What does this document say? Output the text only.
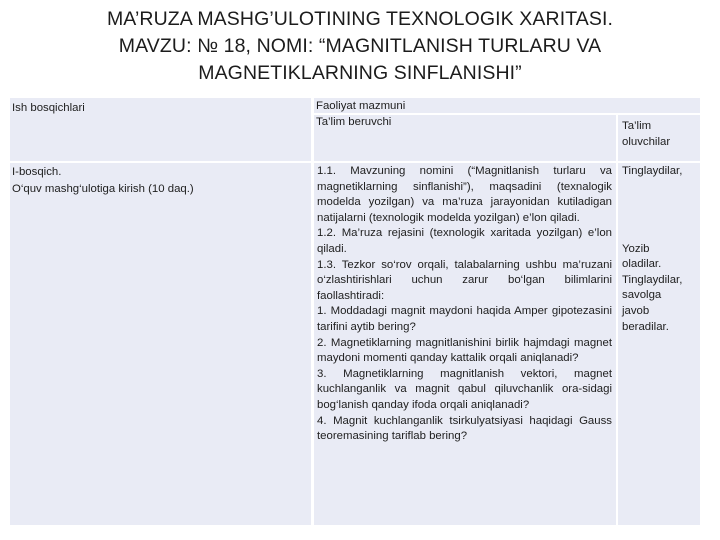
MA’RUZA MASHG’ULOTINING TEXNOLOGIK XARITASI.
MAVZU: № 18, NOMI: “MAGNITLANISH TURLARU VA
MAGNETIKLARNING SINFLANISHI”
Ish bosqichlari	Faoliyat mazmuni
Ta’lim beruvchi	Ta’lim
oluvchilar
I-bosqich.
O‘quv mashg‘ulotiga kirish (10 daq.)

1.1. Mavzuning nomini (“Magnitlanish turlaru va magnetiklarning sinflanishi”), maqsadini (texnalogik modelda yozilgan) va ma’ruza jarayonidan kutiladigan natijalarni (texnologik modelda yozilgan) e’lon qiladi.

1.2. Ma’ruza rejasini (texnologik xaritada yozilgan) e’lon qiladi.

1.3. Tezkor so‘rov orqali, talabalarning ushbu ma’ruzani o‘zlashtirishlari uchun zarur bo‘lgan bilimlarini faollashtiradi:

1. Moddadagi magnit maydoni haqida Amper gipotezasini tarifini aytib bering?

2. Magnetiklarning magnitlanishini birlik hajmdagi magnet maydoni momenti qanday kattalik orqali aniqlanadi?

3. Magnetiklarning magnitlanish vektori, magnet kuchlanganlik va magnit qabul qiluvchanlik ora-sidagi bog‘lanish qanday ifoda orqali aniqlanadi?

4. Magnit kuchlanganlik tsirkulyatsiyasi haqidagi Gauss teoremasining tariflab bering?

Tinglaydilar,
Yozib
oladilar.
Tinglaydilar,
savolga
javob
beradilar.
